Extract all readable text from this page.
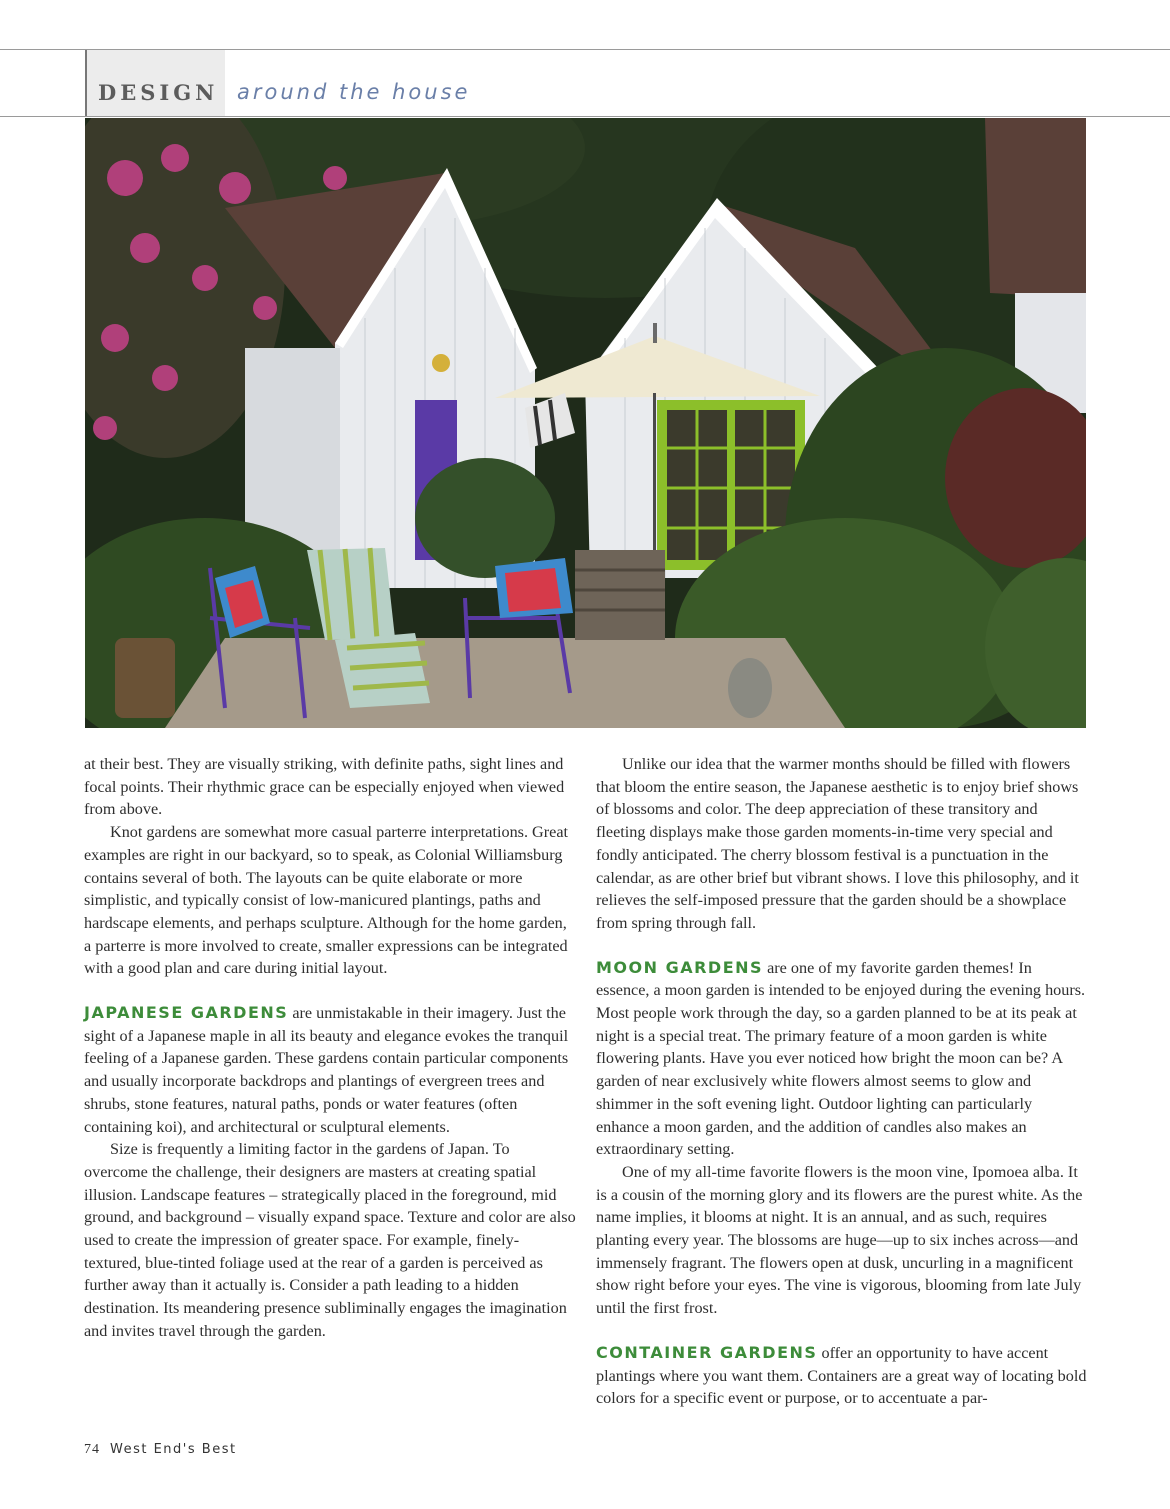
DESIGN around the house

at their best. They are visually striking, with definite paths, sight lines and focal points. Their rhythmic grace can be especially enjoyed when viewed from above.

Knot gardens are somewhat more casual parterre interpretations. Great examples are right in our backyard, so to speak, as Colonial Williamsburg contains several of both. The layouts can be quite elaborate or more simplistic, and typically consist of low-manicured plantings, paths and hardscape elements, and perhaps sculpture. Although for the home garden, a parterre is more involved to create, smaller expressions can be integrated with a good plan and care during initial layout.

JAPANESE GARDENS are unmistakable in their imagery. Just the sight of a Japanese maple in all its beauty and elegance evokes the tranquil feeling of a Japanese garden. These gardens contain particular components and usually incorporate backdrops and plantings of evergreen trees and shrubs, stone features, natural paths, ponds or water features (often containing koi), and architectural or sculptural elements.

Size is frequently a limiting factor in the gardens of Japan. To overcome the challenge, their designers are masters at creating spatial illusion. Landscape features – strategically placed in the foreground, mid ground, and background – visually expand space. Texture and color are also used to create the impression of greater space. For example, finely-textured, blue-tinted foliage used at the rear of a garden is perceived as further away than it actually is. Consider a path leading to a hidden destination. Its meandering presence subliminally engages the imagination and invites travel through the garden.

Unlike our idea that the warmer months should be filled with flowers that bloom the entire season, the Japanese aesthetic is to enjoy brief shows of blossoms and color. The deep appreciation of these transitory and fleeting displays make those garden moments-in-time very special and fondly anticipated. The cherry blossom festival is a punctuation in the calendar, as are other brief but vibrant shows. I love this philosophy, and it relieves the self-imposed pressure that the garden should be a showplace from spring through fall.

MOON GARDENS are one of my favorite garden themes! In essence, a moon garden is intended to be enjoyed during the evening hours. Most people work through the day, so a garden planned to be at its peak at night is a special treat. The primary feature of a moon garden is white flowering plants. Have you ever noticed how bright the moon can be? A garden of near exclusively white flowers almost seems to glow and shimmer in the soft evening light. Outdoor lighting can particularly enhance a moon garden, and the addition of candles also makes an extraordinary setting.

One of my all-time favorite flowers is the moon vine, Ipomoea alba. It is a cousin of the morning glory and its flowers are the purest white. As the name implies, it blooms at night. It is an annual, and as such, requires planting every year. The blossoms are huge—up to six inches across—and immensely fragrant. The flowers open at dusk, uncurling in a magnificent show right before your eyes. The vine is vigorous, blooming from late July until the first frost.

CONTAINER GARDENS offer an opportunity to have accent plantings where you want them. Containers are a great way of locating bold colors for a specific event or purpose, or to accentuate a par-

74 West End's Best
